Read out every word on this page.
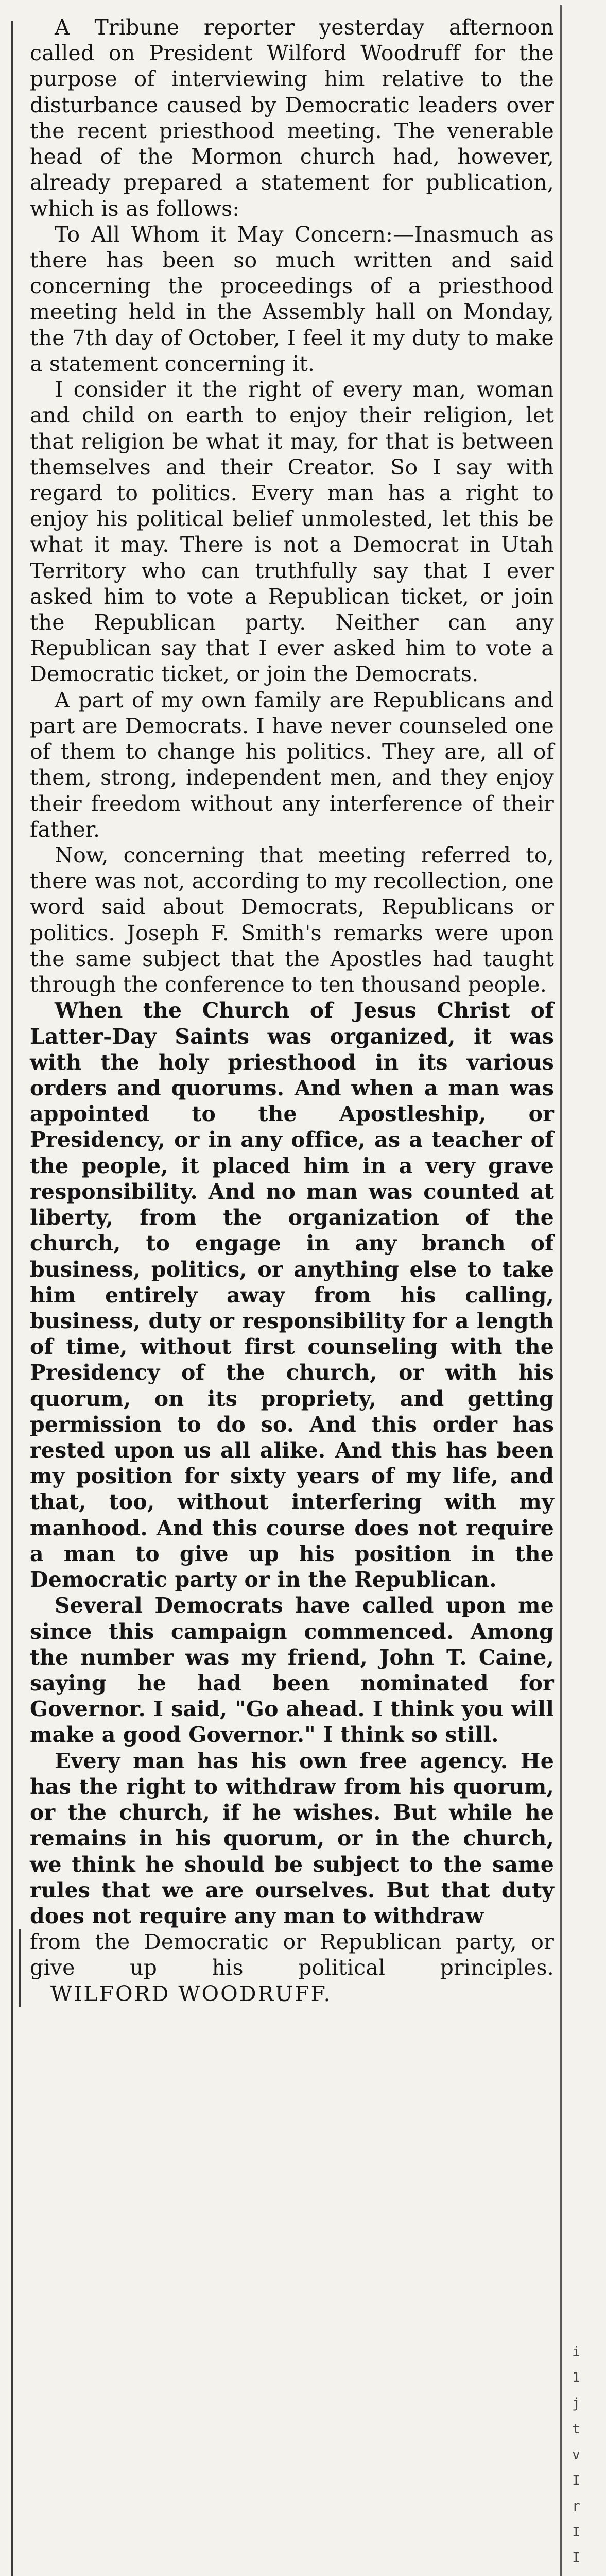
A Tribune reporter yesterday afternoon called on President Wilford Woodruff for the purpose of interviewing him relative to the disturbance caused by Democratic leaders over the recent priesthood meeting. The venerable head of the Mormon church had, however, already prepared a statement for publication, which is as follows:

To All Whom it May Concern:—Inasmuch as there has been so much written and said concerning the proceedings of a priesthood meeting held in the Assembly hall on Monday, the 7th day of October, I feel it my duty to make a statement concerning it.

I consider it the right of every man, woman and child on earth to enjoy their religion, let that religion be what it may, for that is between themselves and their Creator. So I say with regard to politics. Every man has a right to enjoy his political belief unmolested, let this be what it may. There is not a Democrat in Utah Territory who can truthfully say that I ever asked him to vote a Republican ticket, or join the Republican party. Neither can any Republican say that I ever asked him to vote a Democratic ticket, or join the Democrats.

A part of my own family are Republicans and part are Democrats. I have never counseled one of them to change his politics. They are, all of them, strong, independent men, and they enjoy their freedom without any interference of their father.

Now, concerning that meeting referred to, there was not, according to my recollection, one word said about Democrats, Republicans or politics. Joseph F. Smith's remarks were upon the same subject that the Apostles had taught through the conference to ten thousand people.

When the Church of Jesus Christ of Latter-Day Saints was organized, it was with the holy priesthood in its various orders and quorums. And when a man was appointed to the Apostleship, or Presidency, or in any office, as a teacher of the people, it placed him in a very grave responsibility. And no man was counted at liberty, from the organization of the church, to engage in any branch of business, politics, or anything else to take him entirely away from his calling, business, duty or responsibility for a length of time, without first counseling with the Presidency of the church, or with his quorum, on its propriety, and getting permission to do so. And this order has rested upon us all alike. And this has been my position for sixty years of my life, and that, too, without interfering with my manhood. And this course does not require a man to give up his position in the Democratic party or in the Republican.

Several Democrats have called upon me since this campaign commenced. Among the number was my friend, John T. Caine, saying he had been nominated for Governor. I said, "Go ahead. I think you will make a good Governor." I think so still.

Every man has his own free agency. He has the right to withdraw from his quorum, or the church, if he wishes. But while he remains in his quorum, or in the church, we think he should be subject to the same rules that we are ourselves. But that duty does not require any man to withdraw

from the Democratic or Republican party, or give up his political principles. WILFORD WOODRUFF.

i
1
j
t
v
I
r
I
I
